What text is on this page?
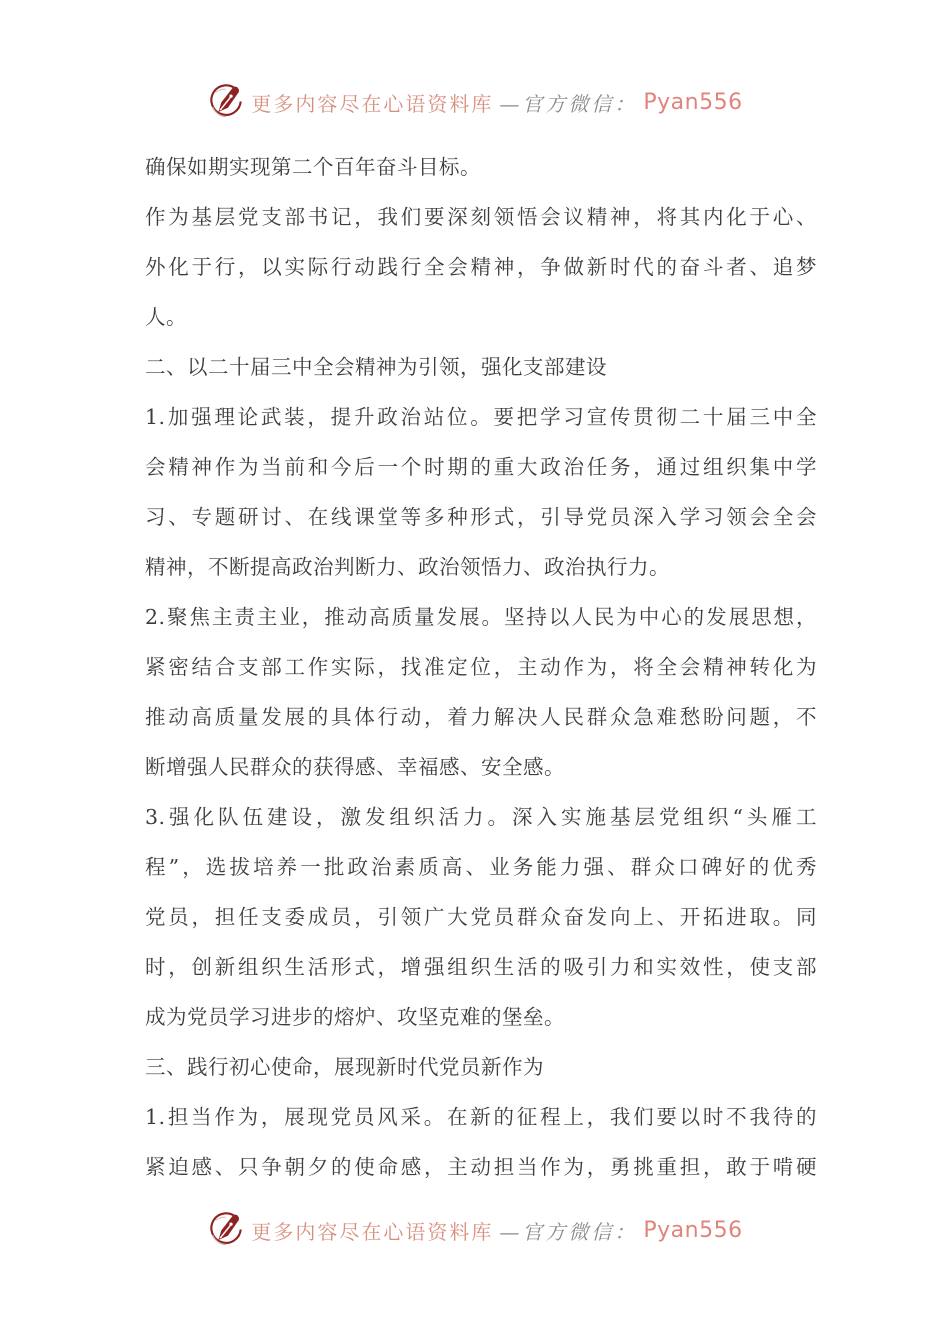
更多内容尽在心语资料库 —官方微信： Pyan556
确保如期实现第二个百年奋斗目标。
作为基层党支部书记，我们要深刻领悟会议精神，将其内化于心、
外化于行，以实际行动践行全会精神，争做新时代的奋斗者、追梦
人。
二、以二十届三中全会精神为引领，强化支部建设
1.加强理论武装，提升政治站位。要把学习宣传贯彻二十届三中全
会精神作为当前和今后一个时期的重大政治任务，通过组织集中学
习、专题研讨、在线课堂等多种形式，引导党员深入学习领会全会
精神，不断提高政治判断力、政治领悟力、政治执行力。
2.聚焦主责主业，推动高质量发展。坚持以人民为中心的发展思想，
紧密结合支部工作实际，找准定位，主动作为，将全会精神转化为
推动高质量发展的具体行动，着力解决人民群众急难愁盼问题，不
断增强人民群众的获得感、幸福感、安全感。
3.强化队伍建设，激发组织活力。深入实施基层党组织“头雁工
程”，选拔培养一批政治素质高、业务能力强、群众口碑好的优秀
党员，担任支委成员，引领广大党员群众奋发向上、开拓进取。同
时，创新组织生活形式，增强组织生活的吸引力和实效性，使支部
成为党员学习进步的熔炉、攻坚克难的堡垒。
三、践行初心使命，展现新时代党员新作为
1.担当作为，展现党员风采。在新的征程上，我们要以时不我待的
紧迫感、只争朝夕的使命感，主动担当作为，勇挑重担，敢于啃硬
更多内容尽在心语资料库 —官方微信： Pyan556
